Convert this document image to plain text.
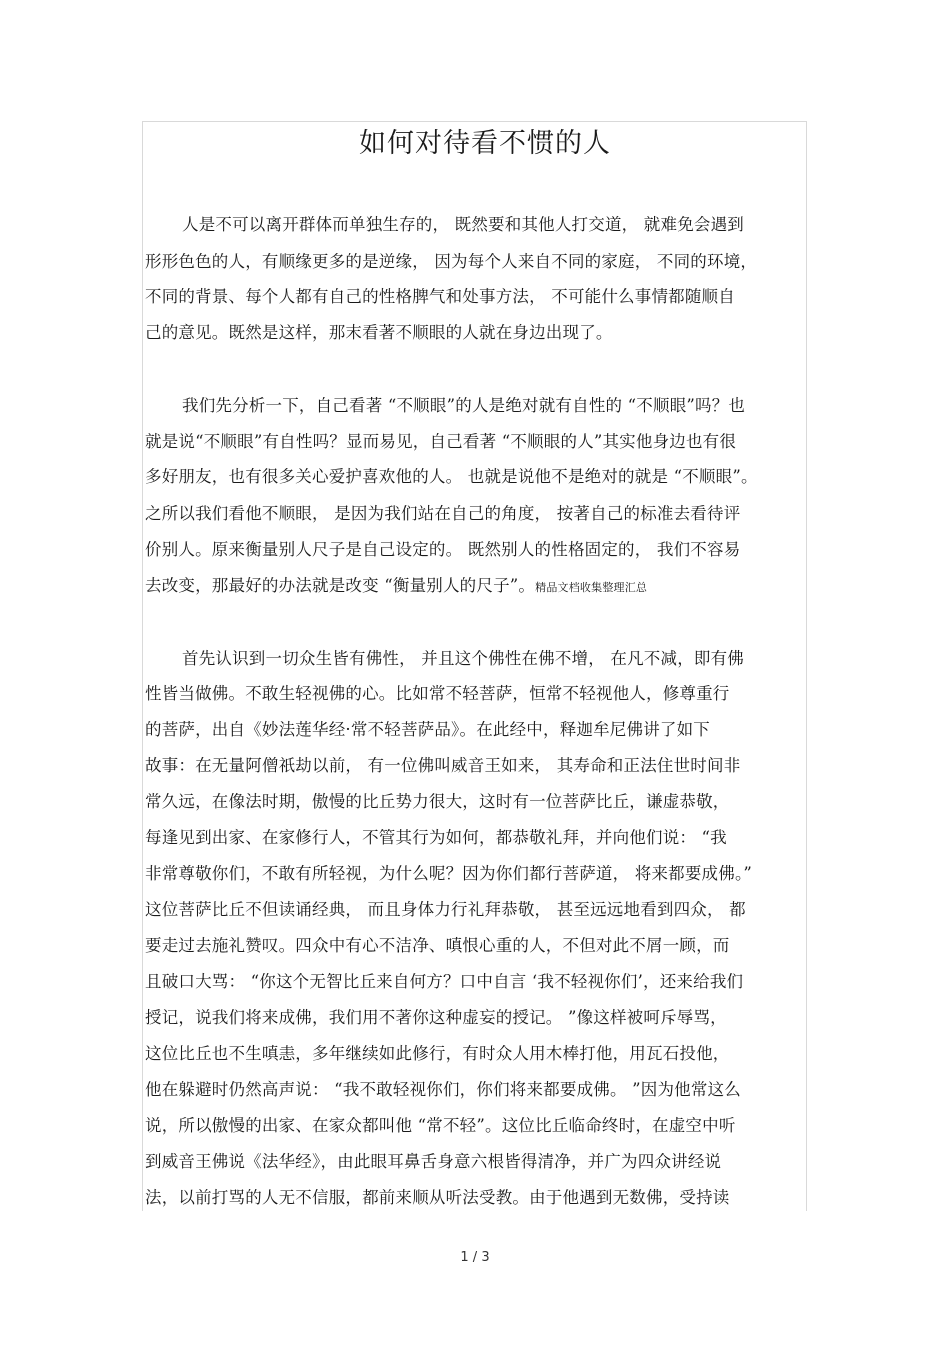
如何对待看不惯的人
人是不可以离开群体而单独生存的， 既然要和其他人打交道， 就难免会遇到
形形色色的人，有顺缘更多的是逆缘， 因为每个人来自不同的家庭， 不同的环境，
不同的背景、每个人都有自己的性格脾气和处事方法， 不可能什么事情都随顺自
己的意见。既然是这样，那末看著不顺眼的人就在身边出现了。
我们先分析一下，自己看著 “不顺眼”的人是绝对就有自性的 “不顺眼”吗？也
就是说“不顺眼”有自性吗？显而易见，自己看著 “不顺眼的人”其实他身边也有很
多好朋友，也有很多关心爱护喜欢他的人。 也就是说他不是绝对的就是 “不顺眼”。
之所以我们看他不顺眼， 是因为我们站在自己的角度， 按著自己的标准去看待评
价别人。原来衡量别人尺子是自己设定的。 既然别人的性格固定的， 我们不容易
去改变，那最好的办法就是改变 “衡量别人的尺子”。精品文档收集整理汇总
首先认识到一切众生皆有佛性， 并且这个佛性在佛不增， 在凡不减，即有佛
性皆当做佛。不敢生轻视佛的心。比如常不轻菩萨，恒常不轻视他人，修尊重行
的菩萨，出自《妙法莲华经·常不轻菩萨品》。在此经中，释迦牟尼佛讲了如下
故事：在无量阿僧祇劫以前， 有一位佛叫威音王如来， 其寿命和正法住世时间非
常久远，在像法时期，傲慢的比丘势力很大，这时有一位菩萨比丘，谦虚恭敬，
每逢见到出家、在家修行人，不管其行为如何，都恭敬礼拜，并向他们说： “我
非常尊敬你们，不敢有所轻视，为什么呢？因为你们都行菩萨道， 将来都要成佛。”
这位菩萨比丘不但读诵经典， 而且身体力行礼拜恭敬， 甚至远远地看到四众， 都
要走过去施礼赞叹。四众中有心不洁净、嗔恨心重的人，不但对此不屑一顾，而
且破口大骂： “你这个无智比丘来自何方？口中自言 ‘我不轻视你们’，还来给我们
授记，说我们将来成佛，我们用不著你这种虚妄的授记。 ”像这样被呵斥辱骂，
这位比丘也不生嗔恚，多年继续如此修行，有时众人用木棒打他，用瓦石投他，
他在躲避时仍然高声说： “我不敢轻视你们，你们将来都要成佛。 ”因为他常这么
说，所以傲慢的出家、在家众都叫他 “常不轻”。这位比丘临命终时，在虚空中听
到威音王佛说《法华经》，由此眼耳鼻舌身意六根皆得清净，并广为四众讲经说
法，以前打骂的人无不信服，都前来顺从听法受教。由于他遇到无数佛，受持读
1 / 3
